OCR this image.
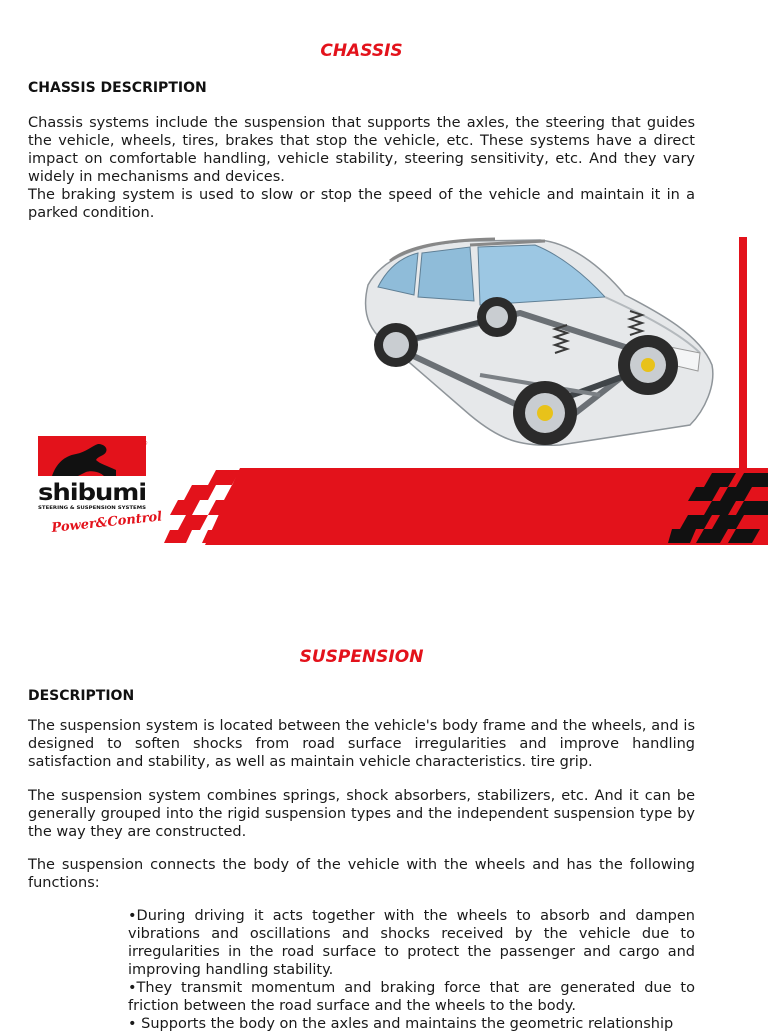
CHASSIS
CHASSIS DESCRIPTION

Chassis systems include the suspension that supports the axles, the steering that guides the vehicle, wheels, tires, brakes that stop the vehicle, etc. These systems have a direct impact on comfortable handling, vehicle stability, steering sensitivity, etc. And they vary widely in mechanisms and devices.

The braking system is used to slow or stop the speed of the vehicle and maintain it in a parked condition.

®
shibumi
STEERING & SUSPENSION SYSTEMS
Power&Control
SUSPENSION
DESCRIPTION

The suspension system is located between the vehicle's body frame and the wheels, and is designed to soften shocks from road surface irregularities and improve handling satisfaction and stability, as well as maintain vehicle characteristics. tire grip.

The suspension system combines springs, shock absorbers, stabilizers, etc. And it can be generally grouped into the rigid suspension types and the independent suspension type by the way they are constructed.

The suspension connects the body of the vehicle with the wheels and has the following functions:

•During driving it acts together with the wheels to absorb and dampen vibrations and oscillations and shocks received by the vehicle due to irregularities in the road surface to protect the passenger and cargo and improving handling stability.
•They transmit momentum and braking force that are generated due to friction between the road surface and the wheels to the body.
• Supports the body on the axles and maintains the geometric relationship
